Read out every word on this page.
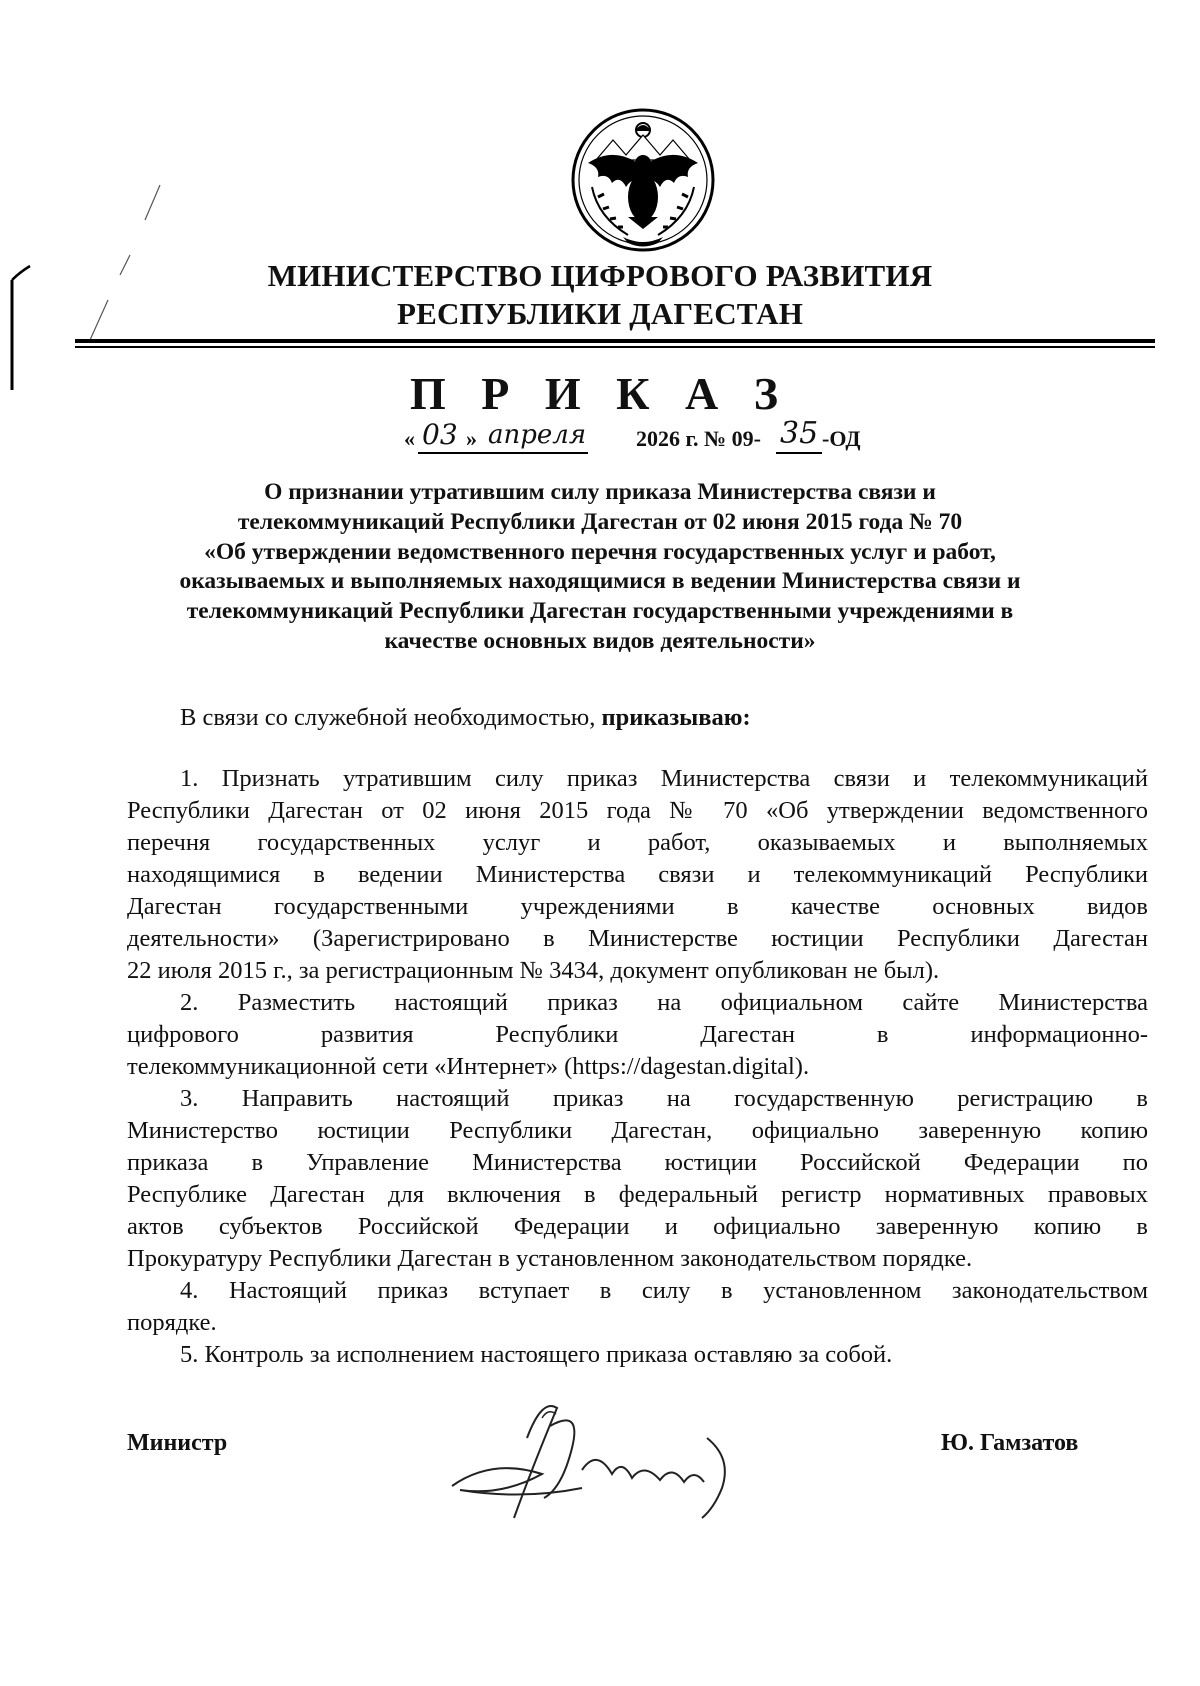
МИНИСТЕРСТВО ЦИФРОВОГО РАЗВИТИЯ
РЕСПУБЛИКИ ДАГЕСТАН
П Р И К А З
« 03 » апреля 2026 г. № 09- 35 -ОД
О признании утратившим силу приказа Министерства связи и
телекоммуникаций Республики Дагестан от 02 июня 2015 года № 70
«Об утверждении ведомственного перечня государственных услуг и работ,
оказываемых и выполняемых находящимися в ведении Министерства связи и
телекоммуникаций Республики Дагестан государственными учреждениями в
качестве основных видов деятельности»
В связи со служебной необходимостью, приказываю:
1. Признать утратившим силу приказ Министерства связи и телекоммуникаций
Республики Дагестан от 02 июня 2015 года № 70 «Об утверждении ведомственного
перечня государственных услуг и работ, оказываемых и выполняемых
находящимися в ведении Министерства связи и телекоммуникаций Республики
Дагестан государственными учреждениями в качестве основных видов
деятельности» (Зарегистрировано в Министерстве юстиции Республики Дагестан
22 июля 2015 г., за регистрационным № 3434, документ опубликован не был).
2. Разместить настоящий приказ на официальном сайте Министерства
цифрового развития Республики Дагестан в информационно-
телекоммуникационной сети «Интернет» (https://dagestan.digital).
3. Направить настоящий приказ на государственную регистрацию в
Министерство юстиции Республики Дагестан, официально заверенную копию
приказа в Управление Министерства юстиции Российской Федерации по
Республике Дагестан для включения в федеральный регистр нормативных правовых
актов субъектов Российской Федерации и официально заверенную копию в
Прокуратуру Республики Дагестан в установленном законодательством порядке.
4. Настоящий приказ вступает в силу в установленном законодательством
порядке.
5. Контроль за исполнением настоящего приказа оставляю за собой.
Министр	Ю. Гамзатов
